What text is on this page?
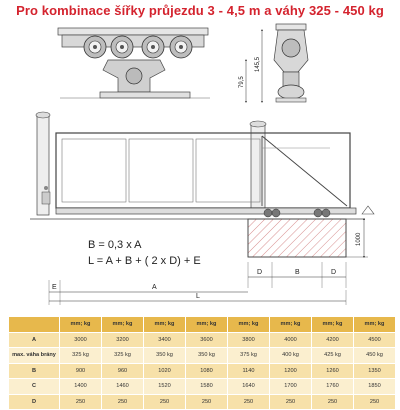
Pro kombinace šířky průjezdu 3 - 4,5 m a váhy 325 - 450 kg
145,5
79,5
1000
D	B	D
E	A
L
B = 0,3 x A
L = A + B + ( 2 x D) + E
	mm; kg	mm; kg	mm; kg	mm; kg	mm; kg	mm; kg	mm; kg	mm; kg
A	3000	3200	3400	3600	3800	4000	4200	4500
max. váha brány	325 kg	325 kg	350 kg	350 kg	375 kg	400 kg	425 kg	450 kg
B	900	960	1020	1080	1140	1200	1260	1350
C	1400	1460	1520	1580	1640	1700	1760	1850
D	250	250	250	250	250	250	250	250
